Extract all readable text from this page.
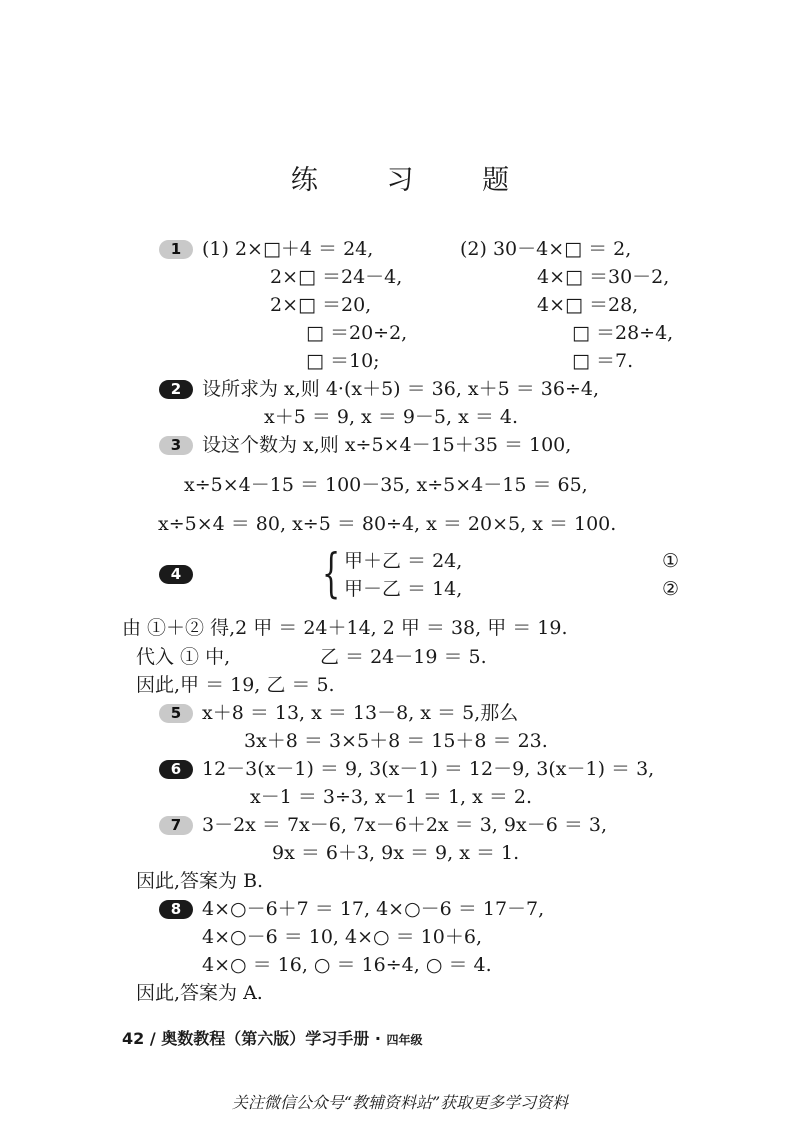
练 习 题
1	(1) 2×□＋4 ＝ 24,
2×□ ＝24－4,
2×□ ＝20,
□ ＝20÷2,
□ ＝10;
(2) 30－4×□ ＝ 2,
4×□ ＝30－2,
4×□ ＝28,
□ ＝28÷4,
□ ＝7.
2	设所求为 x,则 4·(x＋5) ＝ 36, x＋5 ＝ 36÷4,
x＋5 ＝ 9, x ＝ 9－5, x ＝ 4.
3	设这个数为 x,则 x÷5×4－15＋35 ＝ 100,
x÷5×4－15 ＝ 100－35, x÷5×4－15 ＝ 65,
x÷5×4 ＝ 80, x÷5 ＝ 80÷4, x ＝ 20×5, x ＝ 100.
4	{ 甲＋乙 ＝ 24,	①
甲－乙 ＝ 14,	②
由 ①＋② 得,2 甲 ＝ 24＋14, 2 甲 ＝ 38, 甲 ＝ 19.
代入 ① 中,	乙 ＝ 24－19 ＝ 5.
因此,甲 ＝ 19, 乙 ＝ 5.
5	x＋8 ＝ 13, x ＝ 13－8, x ＝ 5,那么
3x＋8 ＝ 3×5＋8 ＝ 15＋8 ＝ 23.
6	12－3(x－1) ＝ 9, 3(x－1) ＝ 12－9, 3(x－1) ＝ 3,
x－1 ＝ 3÷3, x－1 ＝ 1, x ＝ 2.
7	3－2x ＝ 7x－6, 7x－6＋2x ＝ 3, 9x－6 ＝ 3,
9x ＝ 6＋3, 9x ＝ 9, x ＝ 1.
因此,答案为 B.
8	4×○－6＋7 ＝ 17, 4×○－6 ＝ 17－7,
4×○－6 ＝ 10, 4×○ ＝ 10＋6,
4×○ ＝ 16, ○ ＝ 16÷4, ○ ＝ 4.
因此,答案为 A.
42 / 奥数教程（第六版）学习手册 · 四年级
关注微信公众号“教辅资料站”获取更多学习资料
